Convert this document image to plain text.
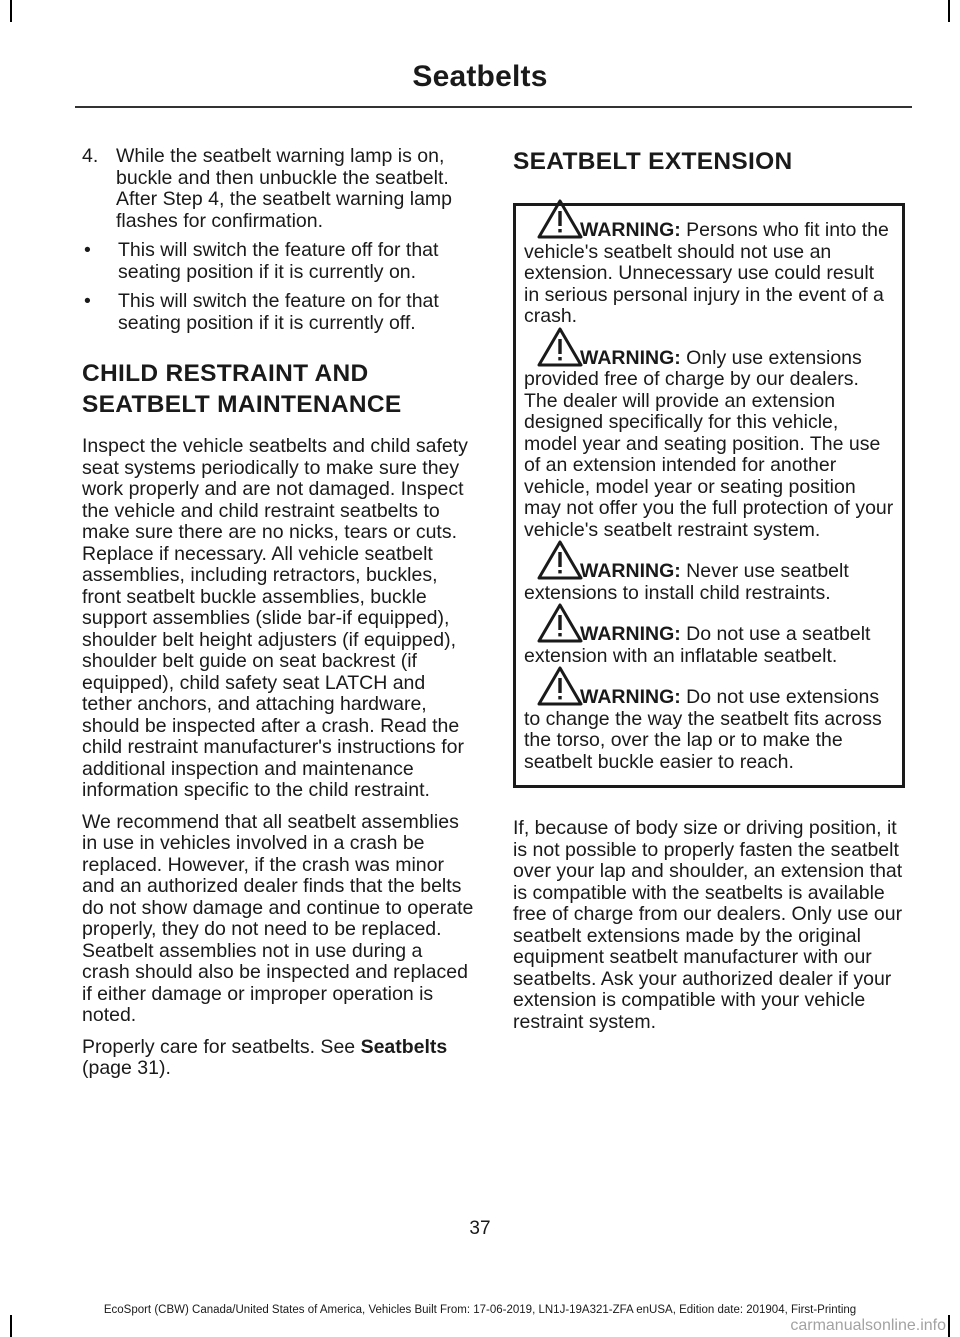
Seatbelts
4. While the seatbelt warning lamp is on, buckle and then unbuckle the seatbelt. After Step 4, the seatbelt warning lamp flashes for confirmation.
•	This will switch the feature off for that seating position if it is currently on.
•	This will switch the feature on for that seating position if it is currently off.
CHILD RESTRAINT AND
SEATBELT MAINTENANCE

Inspect the vehicle seatbelts and child safety seat systems periodically to make sure they work properly and are not damaged. Inspect the vehicle and child restraint seatbelts to make sure there are no nicks, tears or cuts. Replace if necessary. All vehicle seatbelt assemblies, including retractors, buckles, front seatbelt buckle assemblies, buckle support assemblies (slide bar-if equipped), shoulder belt height adjusters (if equipped), shoulder belt guide on seat backrest (if equipped), child safety seat LATCH and tether anchors, and attaching hardware, should be inspected after a crash. Read the child restraint manufacturer's instructions for additional inspection and maintenance information specific to the child restraint.

We recommend that all seatbelt assemblies in use in vehicles involved in a crash be replaced. However, if the crash was minor and an authorized dealer finds that the belts do not show damage and continue to operate properly, they do not need to be replaced. Seatbelt assemblies not in use during a crash should also be inspected and replaced if either damage or improper operation is noted.

Properly care for seatbelts. See Seatbelts
(page 31).

SEATBELT EXTENSION
WARNING: Persons who fit into the vehicle's seatbelt should not use an extension. Unnecessary use could result in serious personal injury in the event of a crash.
WARNING: Only use extensions provided free of charge by our dealers. The dealer will provide an extension designed specifically for this vehicle, model year and seating position. The use of an extension intended for another vehicle, model year or seating position may not offer you the full protection of your vehicle's seatbelt restraint system.
WARNING: Never use seatbelt extensions to install child restraints.
WARNING: Do not use a seatbelt extension with an inflatable seatbelt.
WARNING: Do not use extensions to change the way the seatbelt fits across the torso, over the lap or to make the seatbelt buckle easier to reach.

If, because of body size or driving position, it is not possible to properly fasten the seatbelt over your lap and shoulder, an extension that is compatible with the seatbelts is available free of charge from our dealers. Only use our seatbelt extensions made by the original equipment seatbelt manufacturer with our seatbelts. Ask your authorized dealer if your extension is compatible with your vehicle restraint system.

37
EcoSport (CBW) Canada/United States of America, Vehicles Built From: 17-06-2019, LN1J-19A321-ZFA enUSA, Edition date: 201904, First-Printing
carmanualsonline.info
